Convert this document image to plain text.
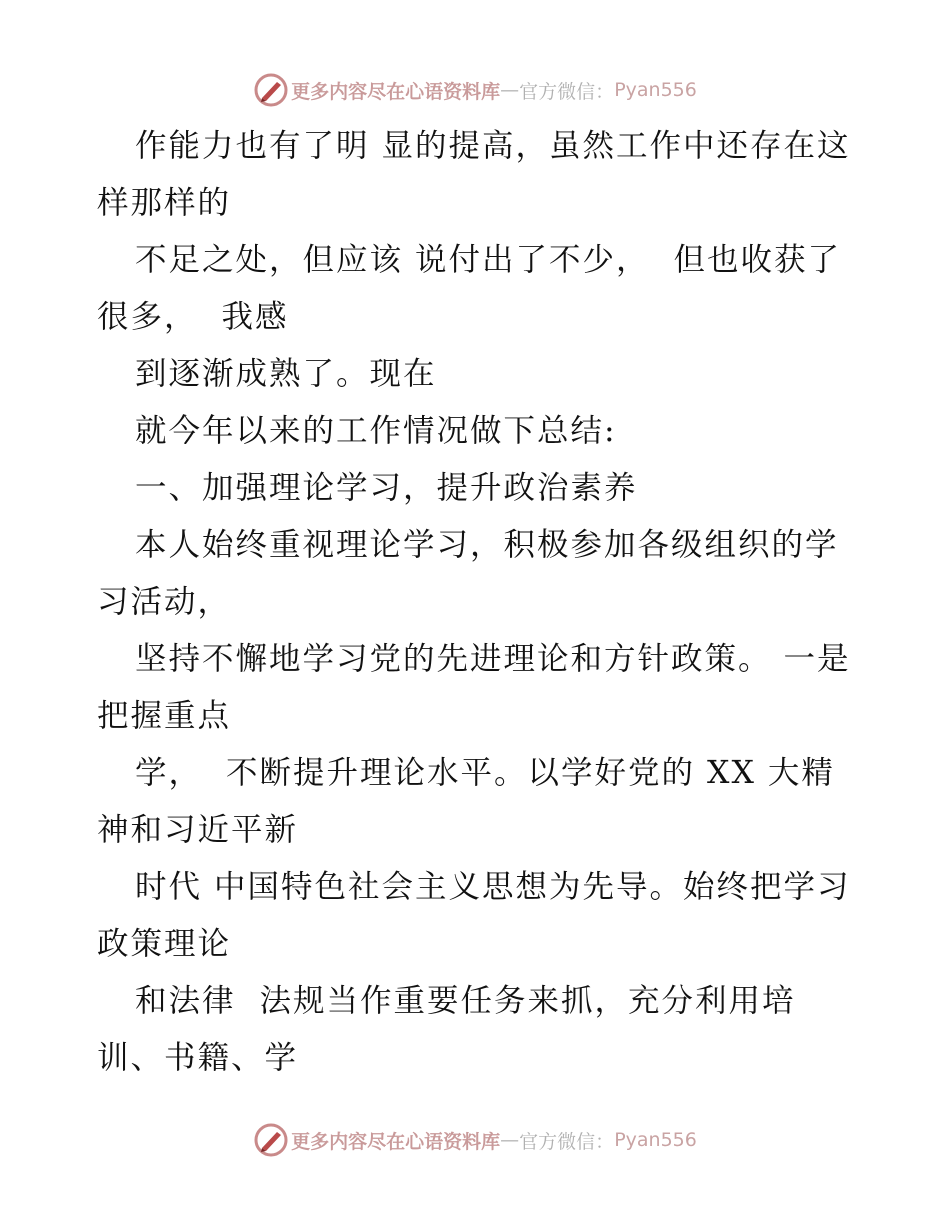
更多内容尽在心语资料库 — 官方微信： Pyan556

作能力也有了明 显的提高，虽然工作中还存在这样那样的

不足之处，但应该 说付出了不少，  但也收获了很多，  我感

到逐渐成熟了。现在

就今年以来的工作情况做下总结:

一、加强理论学习，提升政治素养

本人始终重视理论学习，积极参加各级组织的学习活动，

坚持不懈地学习党的先进理论和方针政策。 一是把握重点

学，  不断提升理论水平。以学好党的 XX 大精神和习近平新

时代 中国特色社会主义思想为先导。始终把学习政策理论

和法律  法规当作重要任务来抓，充分利用培训、书籍、学

更多内容尽在心语资料库 — 官方微信： Pyan556
